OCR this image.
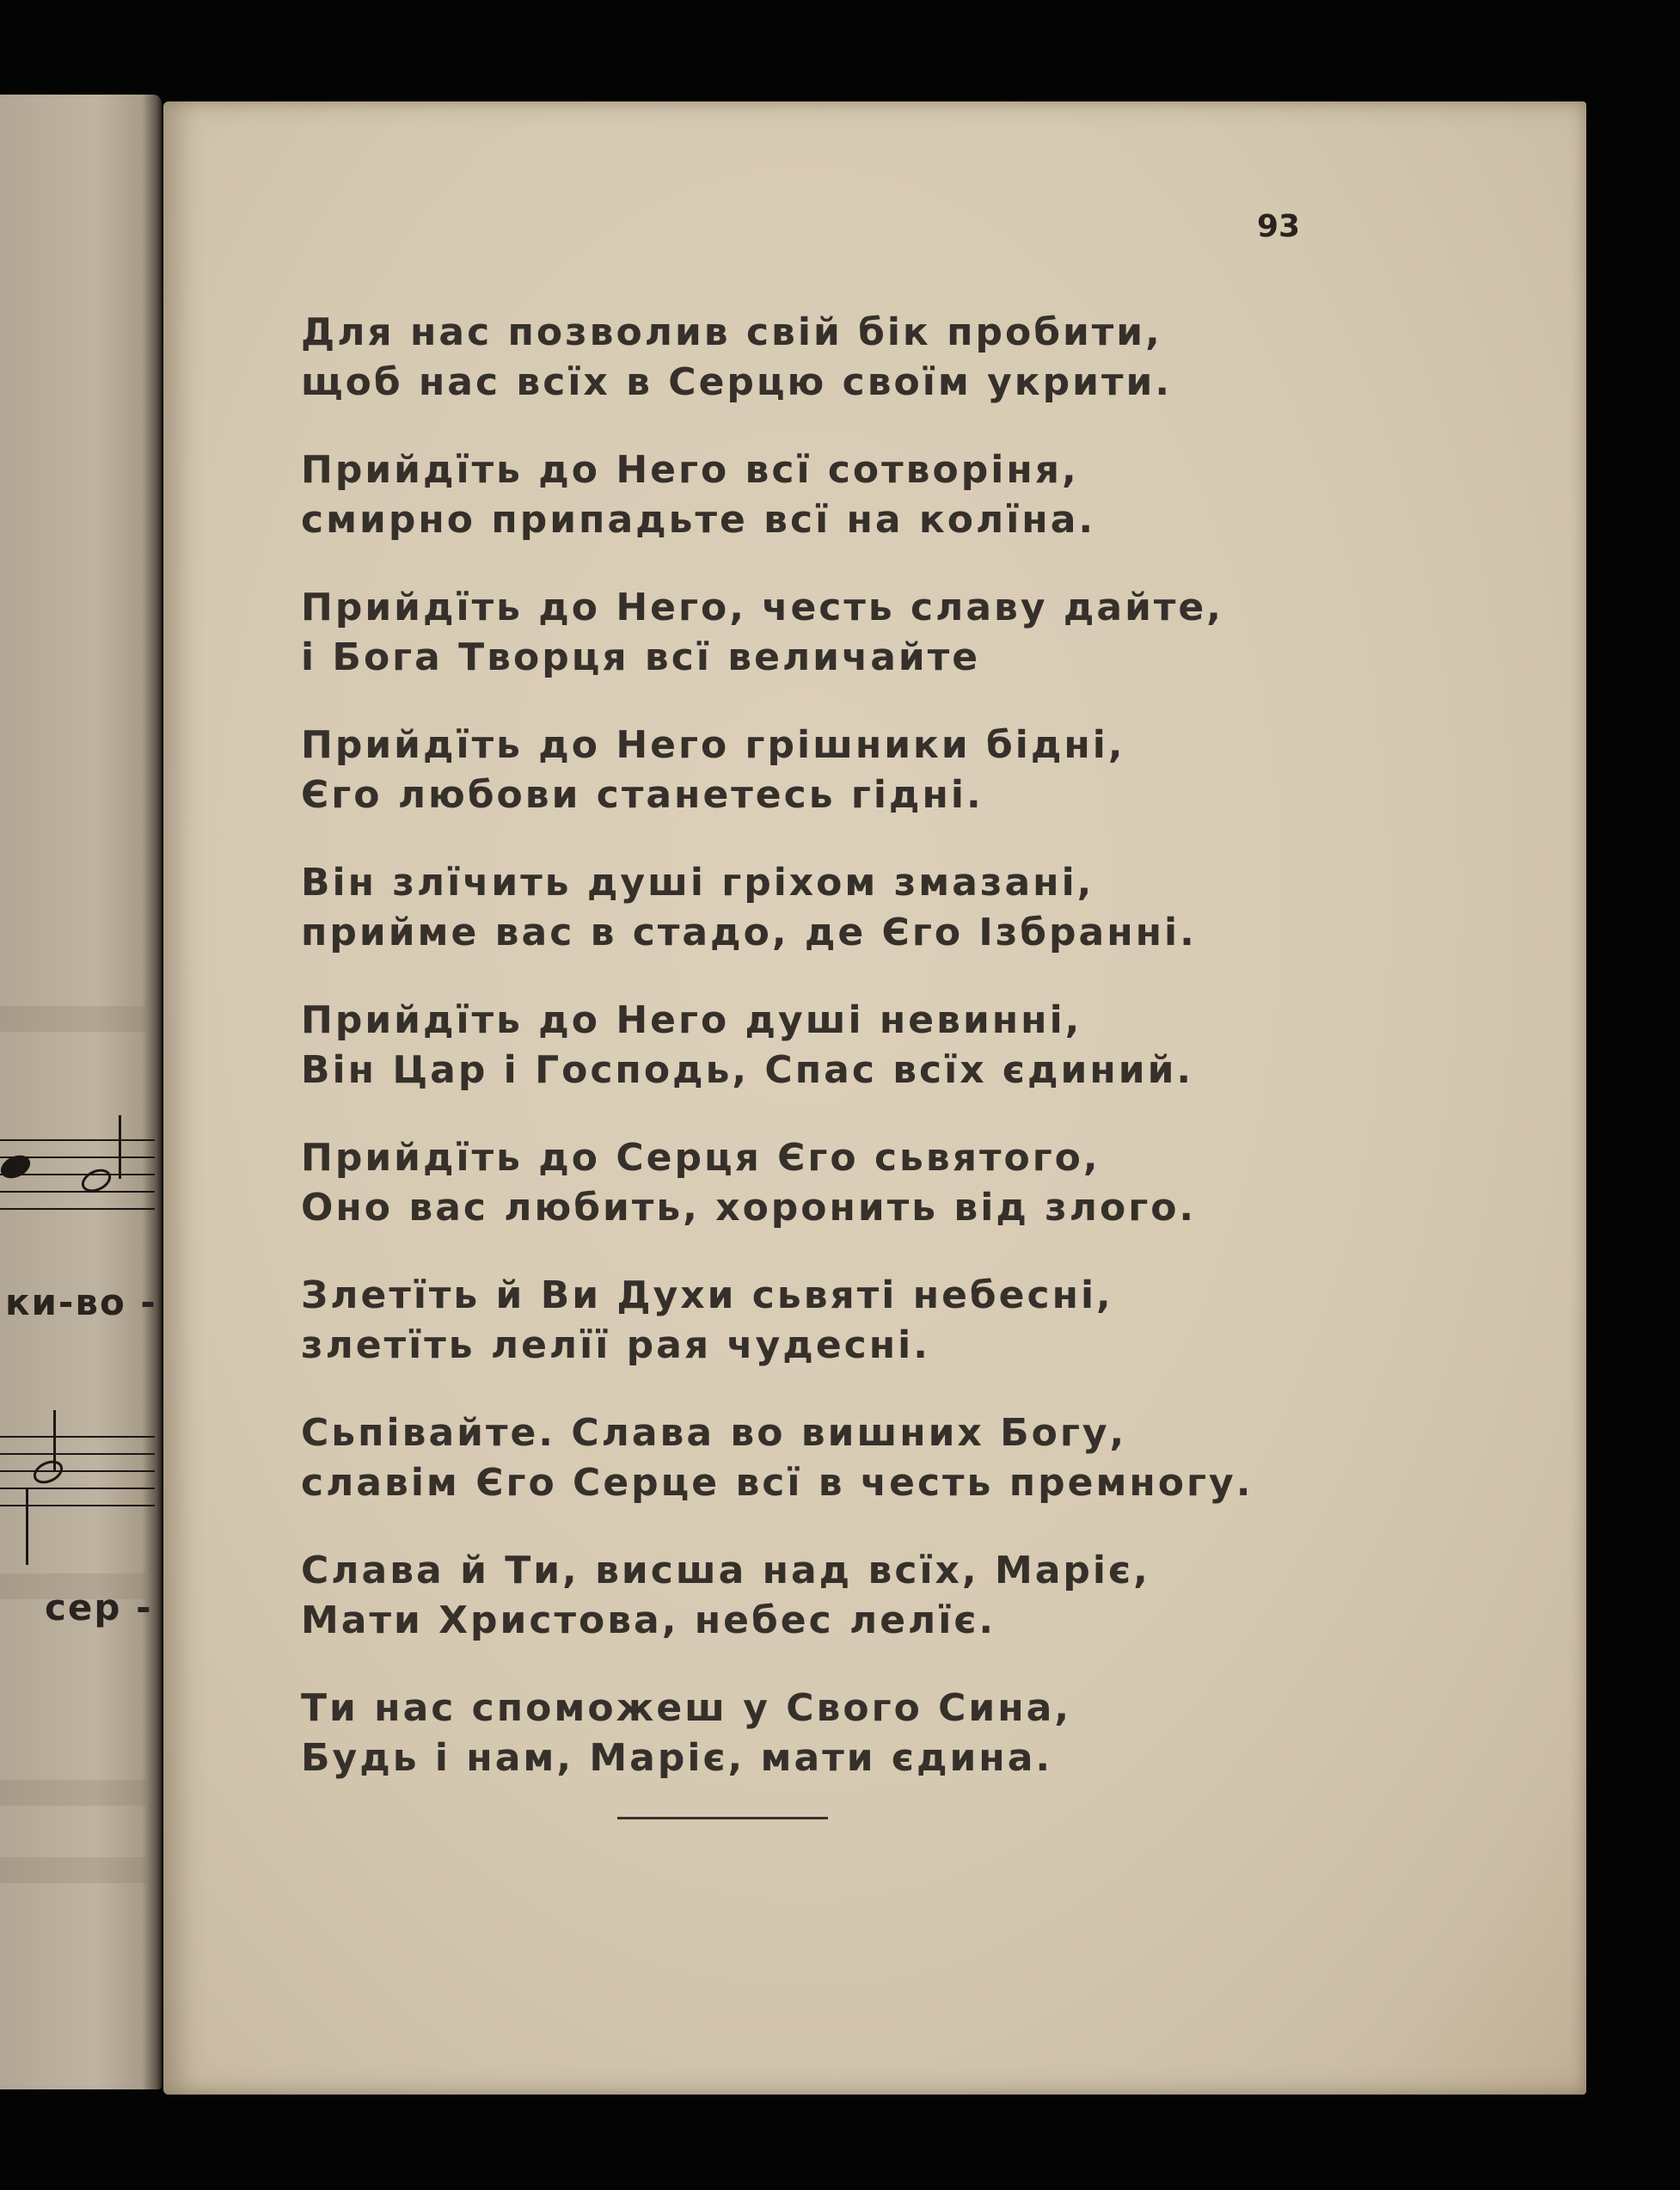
ки-во -
сер -
93
Для нас позволив свій бік пробити,
щоб нас всїх в Серцю своїм укрити.
Прийдїть до Него всї сотворіня,
смирно припадьте всї на колїна.
Прийдїть до Него, честь славу дайте,
і Бога Творця всї величайте
Прийдїть до Него грішники бідні,
Єго любови станетесь гідні.
Він злїчить душі гріхом змазані,
прийме вас в стадо, де Єго Ізбранні.
Прийдїть до Него душі невинні,
Він Цар і Господь, Спас всїх єдиний.
Прийдїть до Серця Єго сьвятого,
Оно вас любить, хоронить від злого.
Злетїть й Ви Духи сьвяті небесні,
злетїть лелїї рая чудесні.
Сьпівайте. Слава во вишних Богу,
славім Єго Серце всї в честь премногу.
Слава й Ти, висша над всїх, Маріє,
Мати Христова, небес лелїє.
Ти нас споможеш у Свого Сина,
Будь і нам, Маріє, мати єдина.
